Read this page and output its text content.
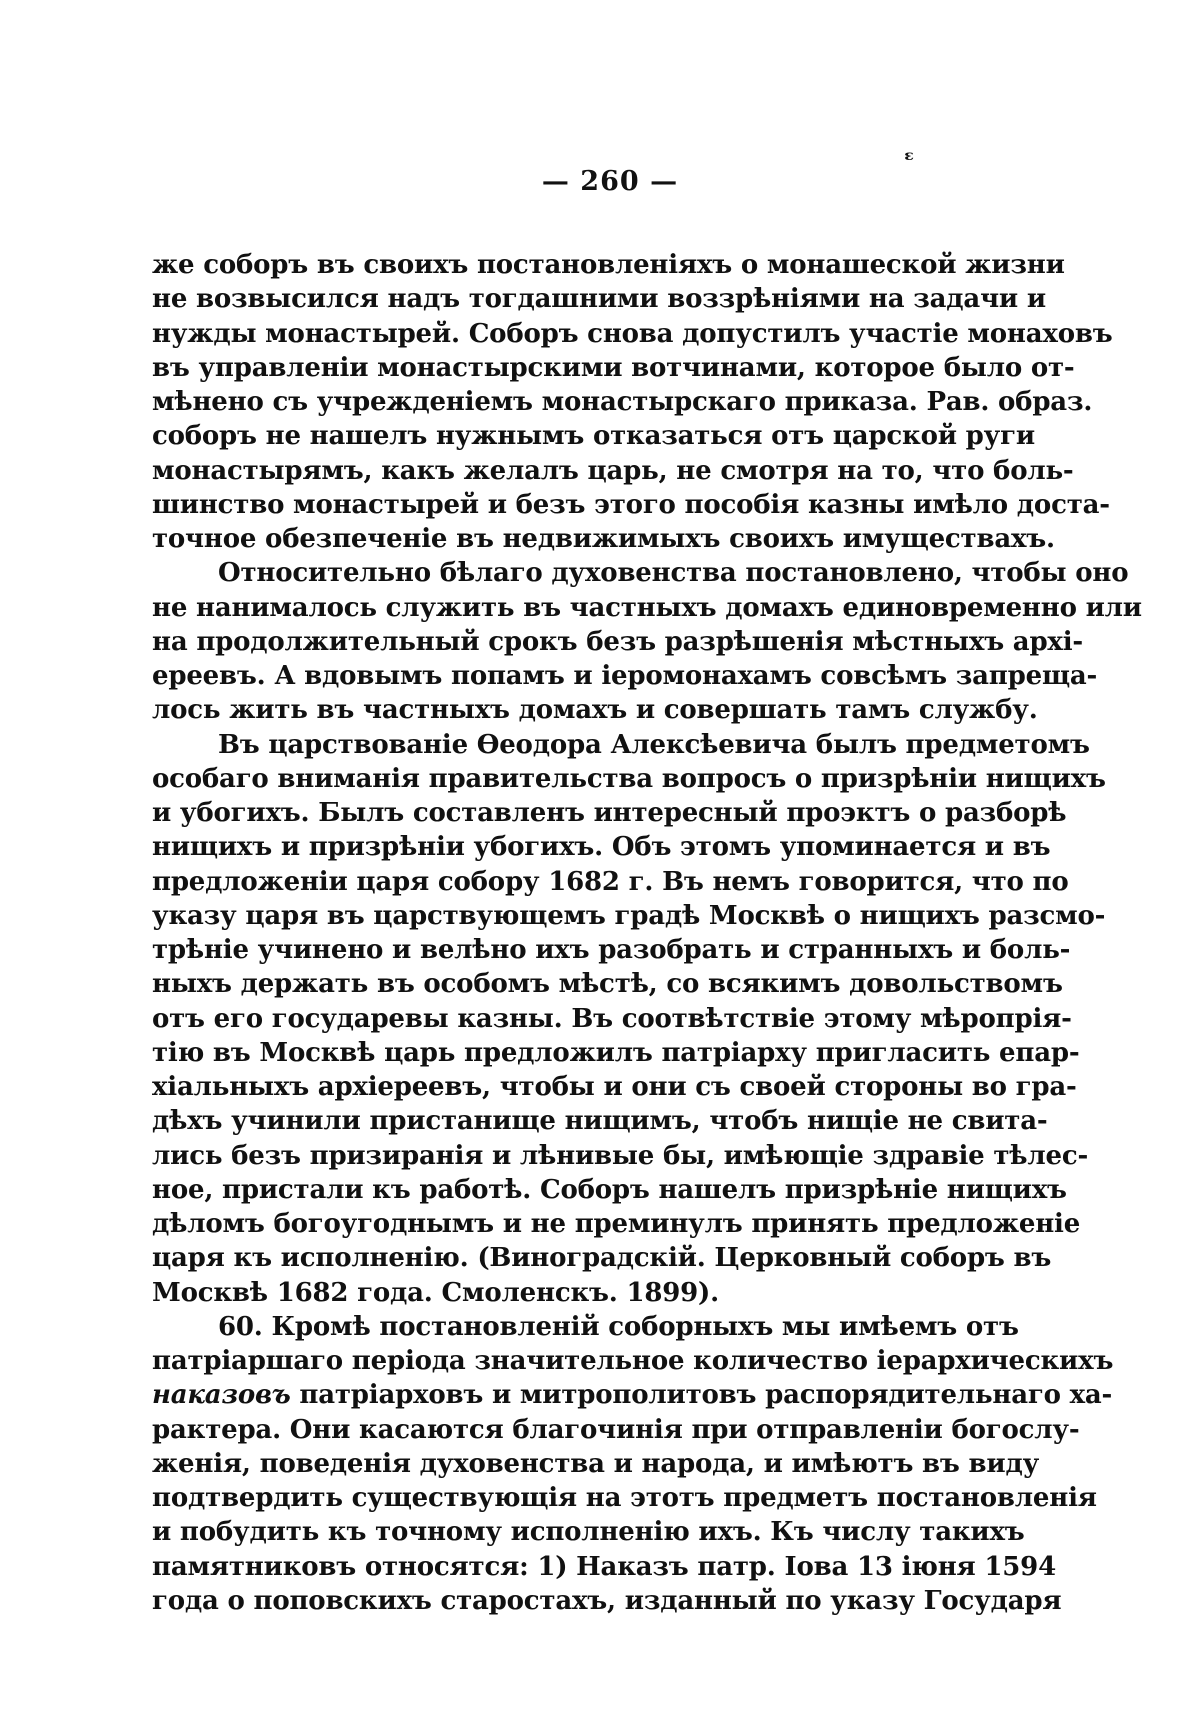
ᵋ
— 260 —
же соборъ въ своихъ постановленіяхъ о монашеской жизни
не возвысился надъ тогдашними воззрѣніями на задачи и
нужды монастырей. Соборъ снова допустилъ участіе монаховъ
въ управленіи монастырскими вотчинами, которое было от-
мѣнено съ учрежденіемъ монастырскаго приказа. Рав. образ.
соборъ не нашелъ нужнымъ отказаться отъ царской руги
монастырямъ, какъ желалъ царь, не смотря на то, что боль-
шинство монастырей и безъ этого пособія казны имѣло доста-
точное обезпеченіе въ недвижимыхъ своихъ имуществахъ.
Относительно бѣлаго духовенства постановлено, чтобы оно
не нанималось служить въ частныхъ домахъ единовременно или
на продолжительный срокъ безъ разрѣшенія мѣстныхъ архі-
ереевъ. А вдовымъ попамъ и іеромонахамъ совсѣмъ запреща-
лось жить въ частныхъ домахъ и совершать тамъ службу.
Въ царствованіе Ѳеодора Алексѣевича былъ предметомъ
особаго вниманія правительства вопросъ о призрѣніи нищихъ
и убогихъ. Былъ составленъ интересный проэктъ о разборѣ
нищихъ и призрѣніи убогихъ. Объ этомъ упоминается и въ
предложеніи царя собору 1682 г. Въ немъ говорится, что по
указу царя въ царствующемъ градѣ Москвѣ о нищихъ разсмо-
трѣніе учинено и велѣно ихъ разобрать и странныхъ и боль-
ныхъ держать въ особомъ мѣстѣ, со всякимъ довольствомъ
отъ его государевы казны. Въ соотвѣтствіе этому мѣропрія-
тію въ Москвѣ царь предложилъ патріарху пригласить епар-
хіальныхъ архіереевъ, чтобы и они съ своей стороны во гра-
дѣхъ учинили пристанище нищимъ, чтобъ нищіе не свита-
лись безъ призиранія и лѣнивые бы, имѣющіе здравіе тѣлес-
ное, пристали къ работѣ. Соборъ нашелъ призрѣніе нищихъ
дѣломъ богоугоднымъ и не преминулъ принять предложеніе
царя къ исполненію. (Виноградскій. Церковный соборъ въ
Москвѣ 1682 года. Смоленскъ. 1899).
60. Кромѣ постановленій соборныхъ мы имѣемъ отъ
патріаршаго періода значительное количество іерархическихъ
наказовъ патріарховъ и митрополитовъ распорядительнаго ха-
рактера. Они касаются благочинія при отправленіи богослу-
женія, поведенія духовенства и народа, и имѣютъ въ виду
подтвердить существующія на этотъ предметъ постановленія
и побудить къ точному исполненію ихъ. Къ числу такихъ
памятниковъ относятся: 1) Наказъ патр. Іова 13 іюня 1594
года о поповскихъ старостахъ, изданный по указу Государя
